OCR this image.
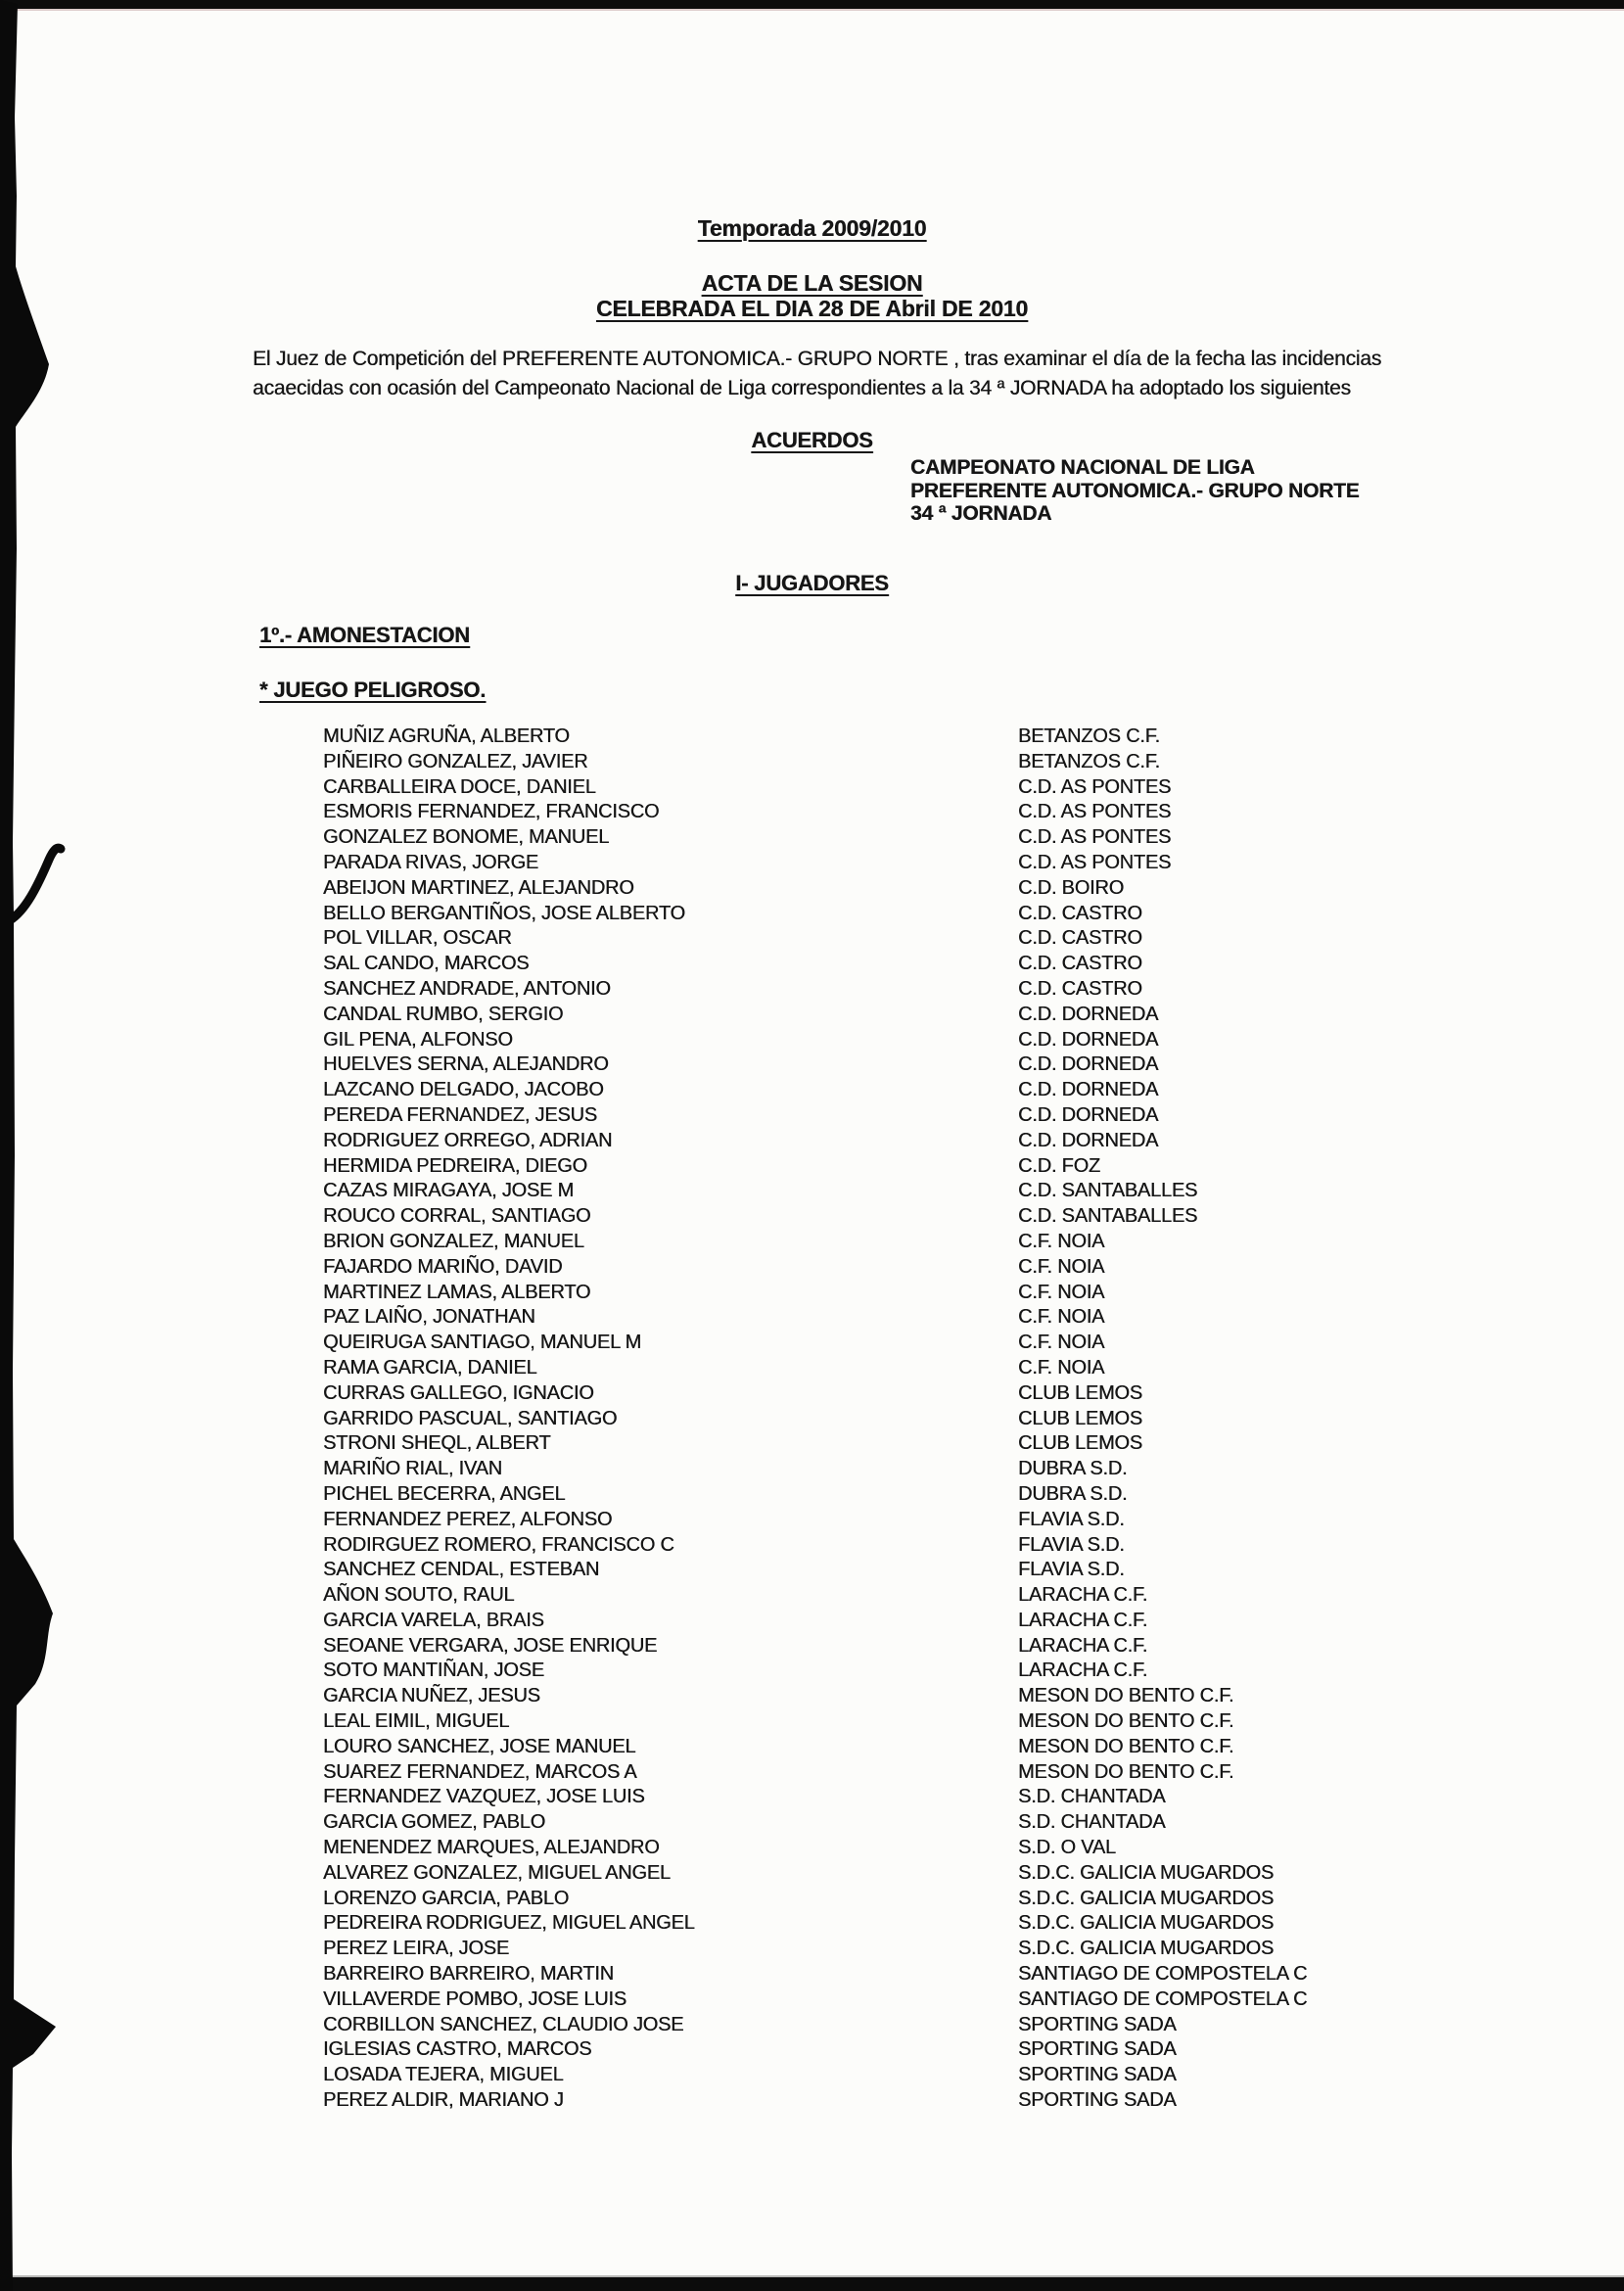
Temporada 2009/2010
ACTA DE LA SESION
CELEBRADA EL DIA 28 DE Abril DE 2010
El Juez de Competición del PREFERENTE AUTONOMICA.- GRUPO NORTE , tras examinar el día de la fecha las incidencias
acaecidas con ocasión del Campeonato Nacional de Liga correspondientes a la 34 ª JORNADA ha adoptado los siguientes
ACUERDOS
CAMPEONATO NACIONAL DE LIGA
PREFERENTE AUTONOMICA.- GRUPO NORTE
34 ª JORNADA
I- JUGADORES
1º.- AMONESTACION
* JUEGO PELIGROSO.
MUÑIZ AGRUÑA, ALBERTO	BETANZOS C.F.
PIÑEIRO GONZALEZ, JAVIER	BETANZOS C.F.
CARBALLEIRA DOCE, DANIEL	C.D. AS PONTES
ESMORIS FERNANDEZ, FRANCISCO	C.D. AS PONTES
GONZALEZ BONOME, MANUEL	C.D. AS PONTES
PARADA RIVAS, JORGE	C.D. AS PONTES
ABEIJON MARTINEZ, ALEJANDRO	C.D. BOIRO
BELLO BERGANTIÑOS, JOSE ALBERTO	C.D. CASTRO
POL VILLAR, OSCAR	C.D. CASTRO
SAL CANDO, MARCOS	C.D. CASTRO
SANCHEZ ANDRADE, ANTONIO	C.D. CASTRO
CANDAL RUMBO, SERGIO	C.D. DORNEDA
GIL PENA, ALFONSO	C.D. DORNEDA
HUELVES SERNA, ALEJANDRO	C.D. DORNEDA
LAZCANO DELGADO, JACOBO	C.D. DORNEDA
PEREDA FERNANDEZ, JESUS	C.D. DORNEDA
RODRIGUEZ ORREGO, ADRIAN	C.D. DORNEDA
HERMIDA PEDREIRA, DIEGO	C.D. FOZ
CAZAS MIRAGAYA, JOSE M	C.D. SANTABALLES
ROUCO CORRAL, SANTIAGO	C.D. SANTABALLES
BRION GONZALEZ, MANUEL	C.F. NOIA
FAJARDO MARIÑO, DAVID	C.F. NOIA
MARTINEZ LAMAS, ALBERTO	C.F. NOIA
PAZ LAIÑO, JONATHAN	C.F. NOIA
QUEIRUGA SANTIAGO, MANUEL M	C.F. NOIA
RAMA GARCIA, DANIEL	C.F. NOIA
CURRAS GALLEGO, IGNACIO	CLUB LEMOS
GARRIDO PASCUAL, SANTIAGO	CLUB LEMOS
STRONI SHEQL, ALBERT	CLUB LEMOS
MARIÑO RIAL, IVAN	DUBRA S.D.
PICHEL BECERRA, ANGEL	DUBRA S.D.
FERNANDEZ PEREZ, ALFONSO	FLAVIA S.D.
RODIRGUEZ ROMERO, FRANCISCO C	FLAVIA S.D.
SANCHEZ CENDAL, ESTEBAN	FLAVIA S.D.
AÑON SOUTO, RAUL	LARACHA C.F.
GARCIA VARELA, BRAIS	LARACHA C.F.
SEOANE VERGARA, JOSE ENRIQUE	LARACHA C.F.
SOTO MANTIÑAN, JOSE	LARACHA C.F.
GARCIA NUÑEZ, JESUS	MESON DO BENTO C.F.
LEAL EIMIL, MIGUEL	MESON DO BENTO C.F.
LOURO SANCHEZ, JOSE MANUEL	MESON DO BENTO C.F.
SUAREZ FERNANDEZ, MARCOS A	MESON DO BENTO C.F.
FERNANDEZ VAZQUEZ, JOSE LUIS	S.D. CHANTADA
GARCIA GOMEZ, PABLO	S.D. CHANTADA
MENENDEZ MARQUES, ALEJANDRO	S.D. O VAL
ALVAREZ GONZALEZ, MIGUEL ANGEL	S.D.C. GALICIA MUGARDOS
LORENZO GARCIA, PABLO	S.D.C. GALICIA MUGARDOS
PEDREIRA RODRIGUEZ, MIGUEL ANGEL	S.D.C. GALICIA MUGARDOS
PEREZ LEIRA, JOSE	S.D.C. GALICIA MUGARDOS
BARREIRO BARREIRO, MARTIN	SANTIAGO DE COMPOSTELA C
VILLAVERDE POMBO, JOSE LUIS	SANTIAGO DE COMPOSTELA C
CORBILLON SANCHEZ, CLAUDIO JOSE	SPORTING SADA
IGLESIAS CASTRO, MARCOS	SPORTING SADA
LOSADA TEJERA, MIGUEL	SPORTING SADA
PEREZ ALDIR, MARIANO J	SPORTING SADA
